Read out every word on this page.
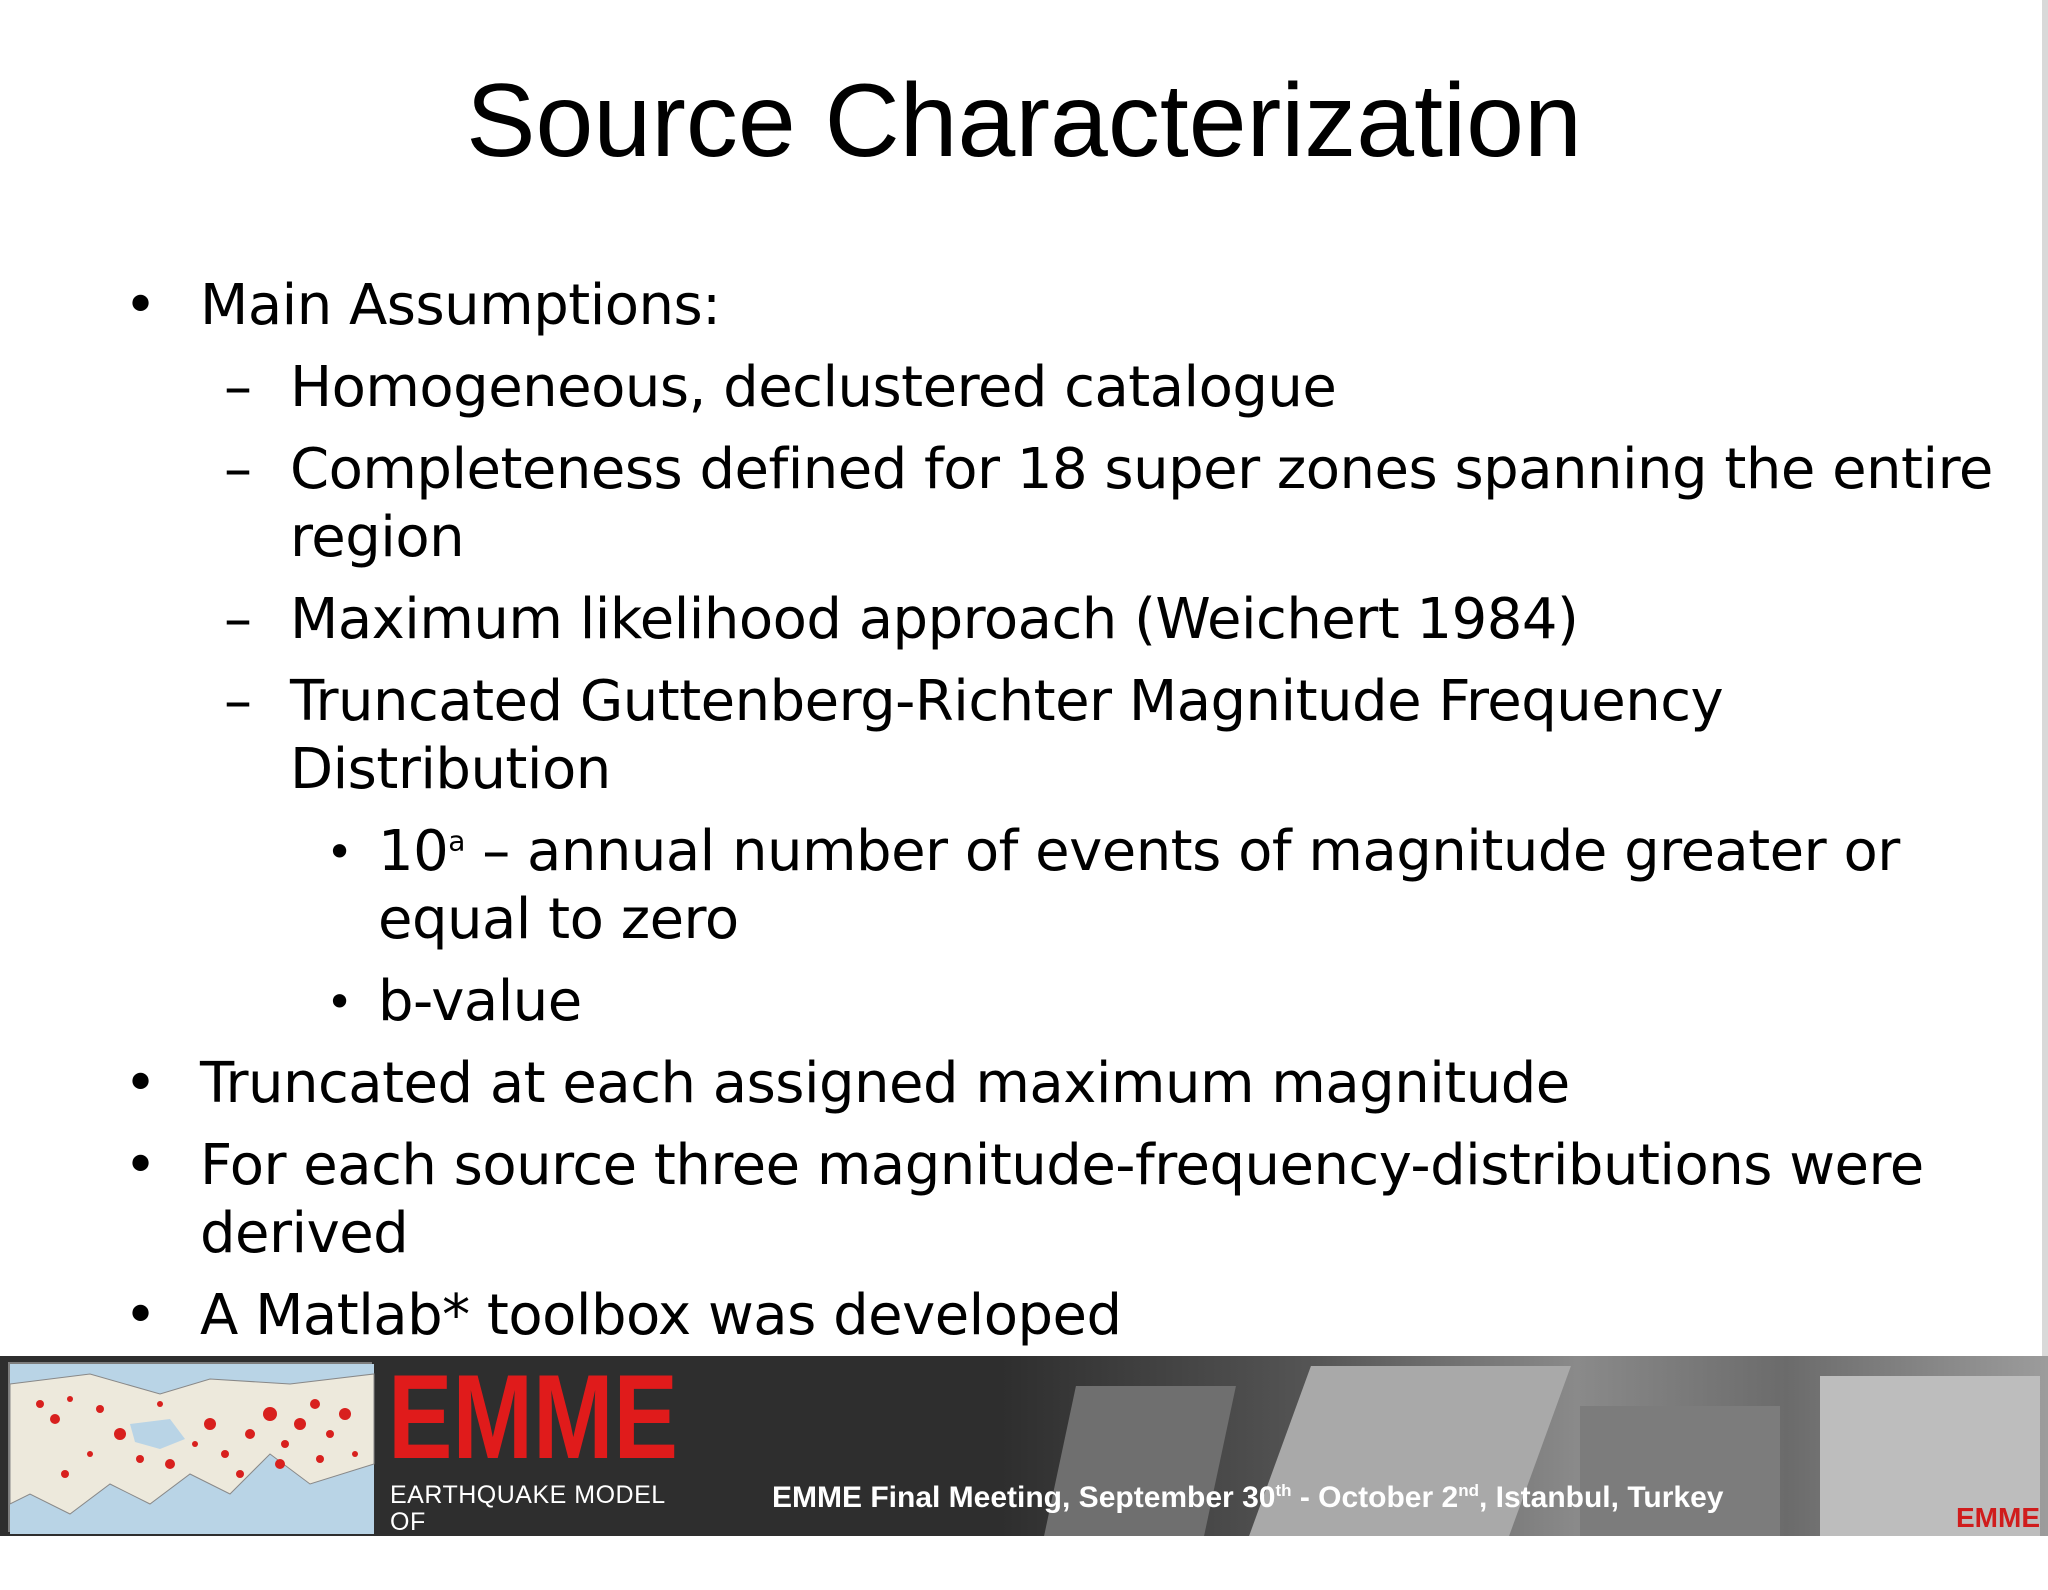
Source Characterization
• Main Assumptions:
– Homogeneous, declustered catalogue
– Completeness defined for 18 super zones spanning the entire
region
– Maximum likelihood approach (Weichert 1984)
– Truncated Guttenberg-Richter Magnitude Frequency
Distribution
• 10$^a$ – annual number of events of magnitude greater or
equal to zero
• b-value
• Truncated at each assigned maximum magnitude
• For each source three magnitude-frequency-distributions were
derived
• A Matlab* toolbox was developed
EMME
EARTHQUAKE MODEL OF
THE MIDDLE EAST REGION
EMME Final Meeting, September 30th - October 2nd, Istanbul, Turkey
EMME
